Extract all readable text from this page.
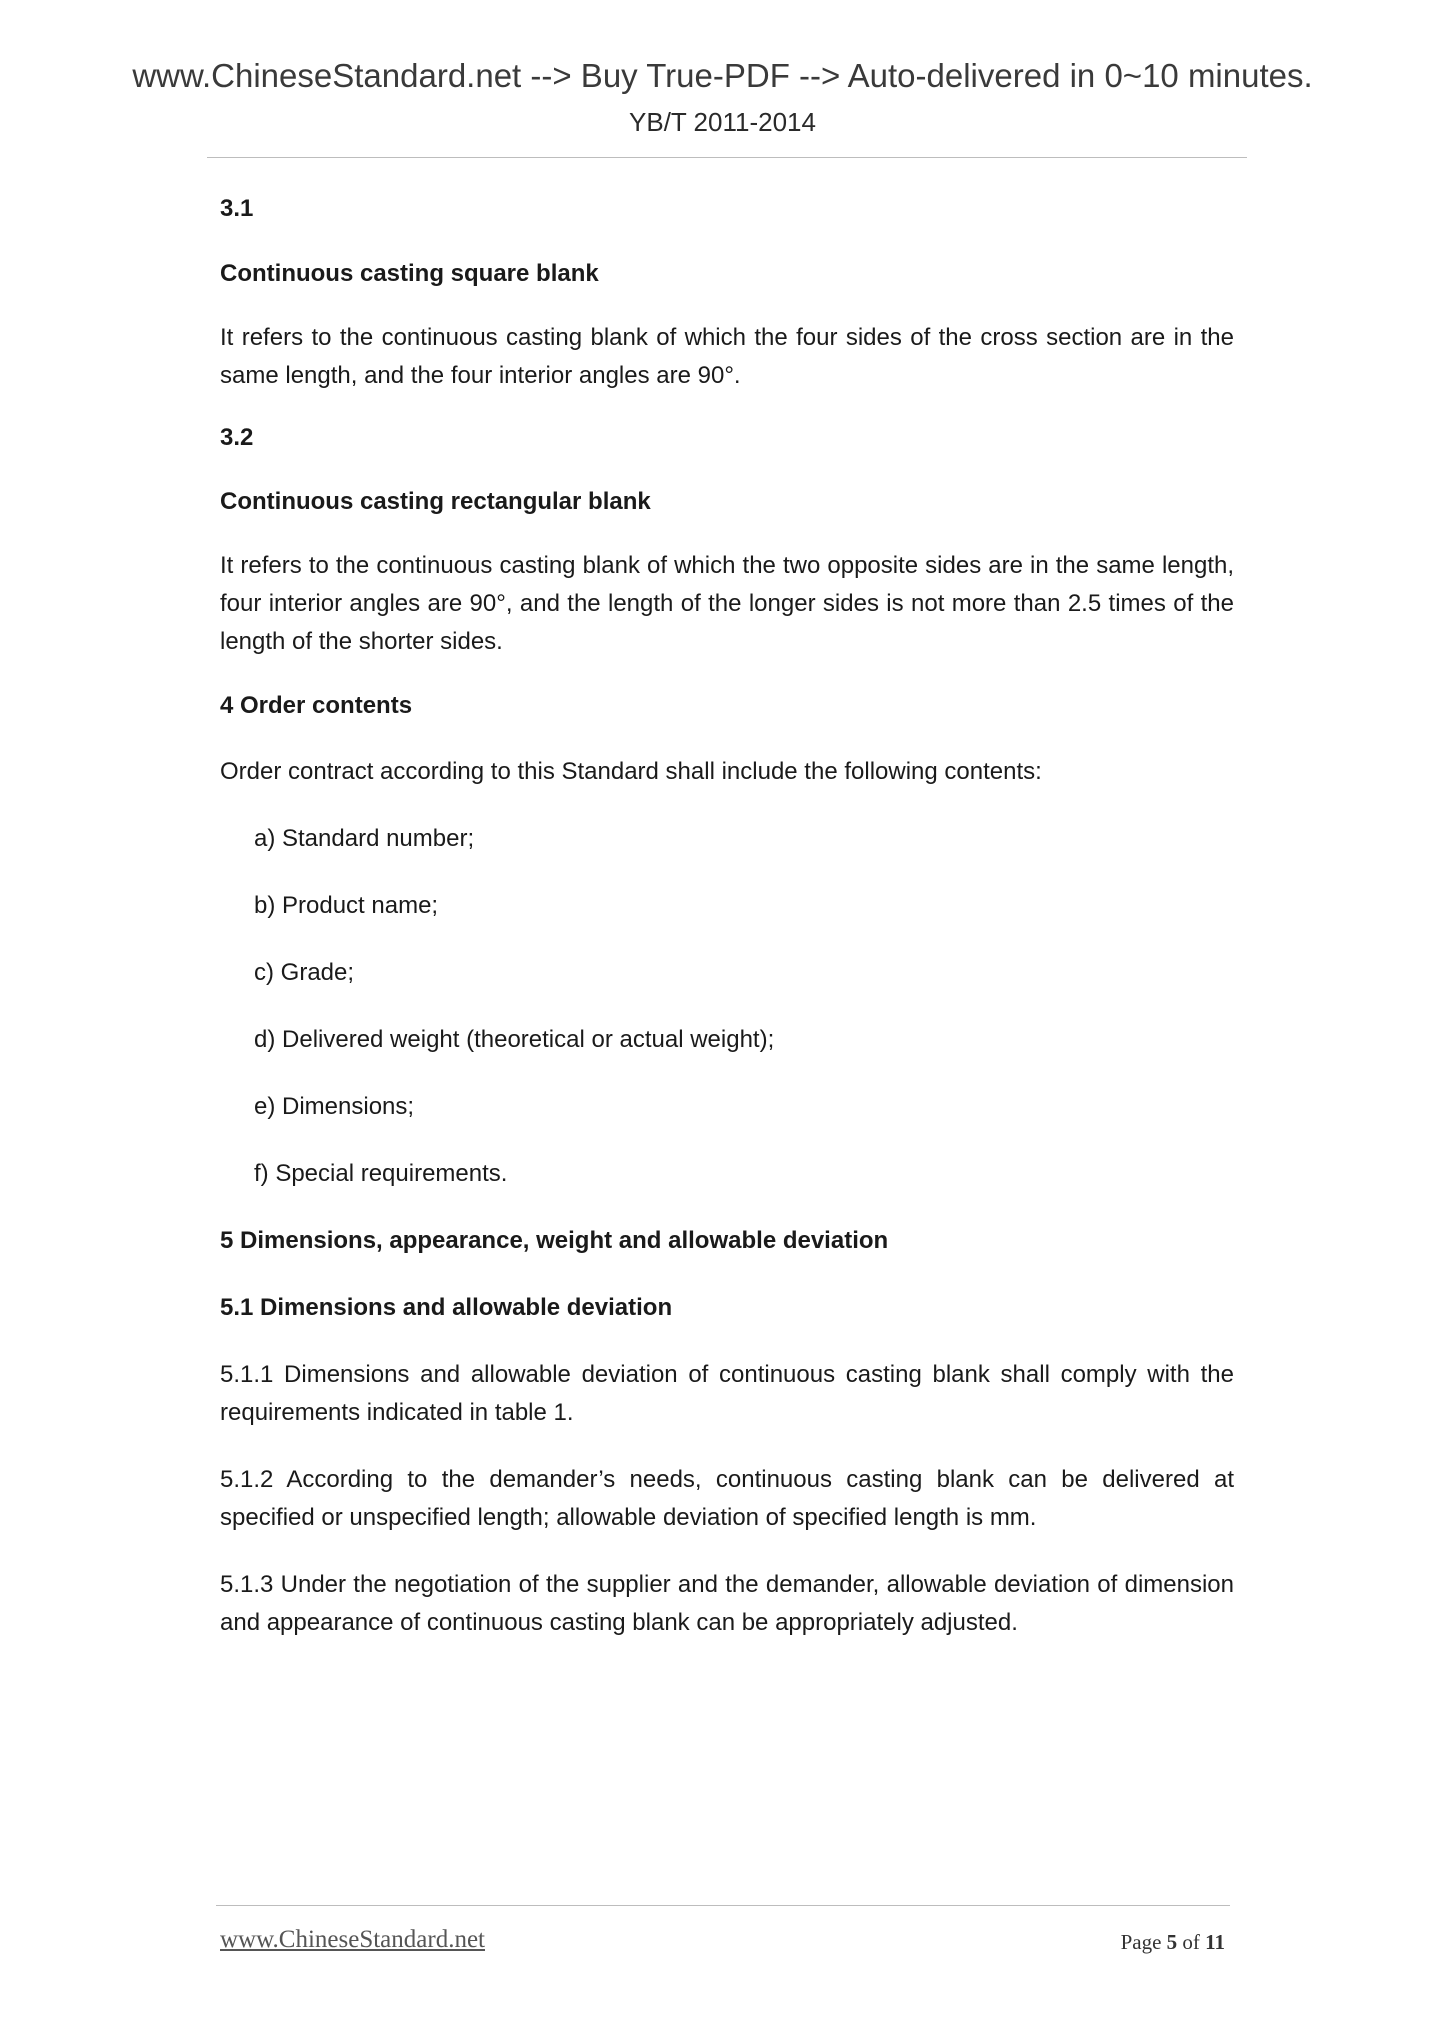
www.ChineseStandard.net --> Buy True-PDF --> Auto-delivered in 0~10 minutes.
YB/T 2011-2014

3.1

Continuous casting square blank

It refers to the continuous casting blank of which the four sides of the cross section are in the same length, and the four interior angles are 90°.

3.2

Continuous casting rectangular blank

It refers to the continuous casting blank of which the two opposite sides are in the same length, four interior angles are 90°, and the length of the longer sides is not more than 2.5 times of the length of the shorter sides.

4 Order contents

Order contract according to this Standard shall include the following contents:

a) Standard number;

b) Product name;

c) Grade;

d) Delivered weight (theoretical or actual weight);

e) Dimensions;

f) Special requirements.

5 Dimensions, appearance, weight and allowable deviation

5.1 Dimensions and allowable deviation

5.1.1 Dimensions and allowable deviation of continuous casting blank shall comply with the requirements indicated in table 1.

5.1.2 According to the demander’s needs, continuous casting blank can be delivered at specified or unspecified length; allowable deviation of specified length is mm.

5.1.3 Under the negotiation of the supplier and the demander, allowable deviation of dimension and appearance of continuous casting blank can be appropriately adjusted.

www.ChineseStandard.net	Page 5 of 11
